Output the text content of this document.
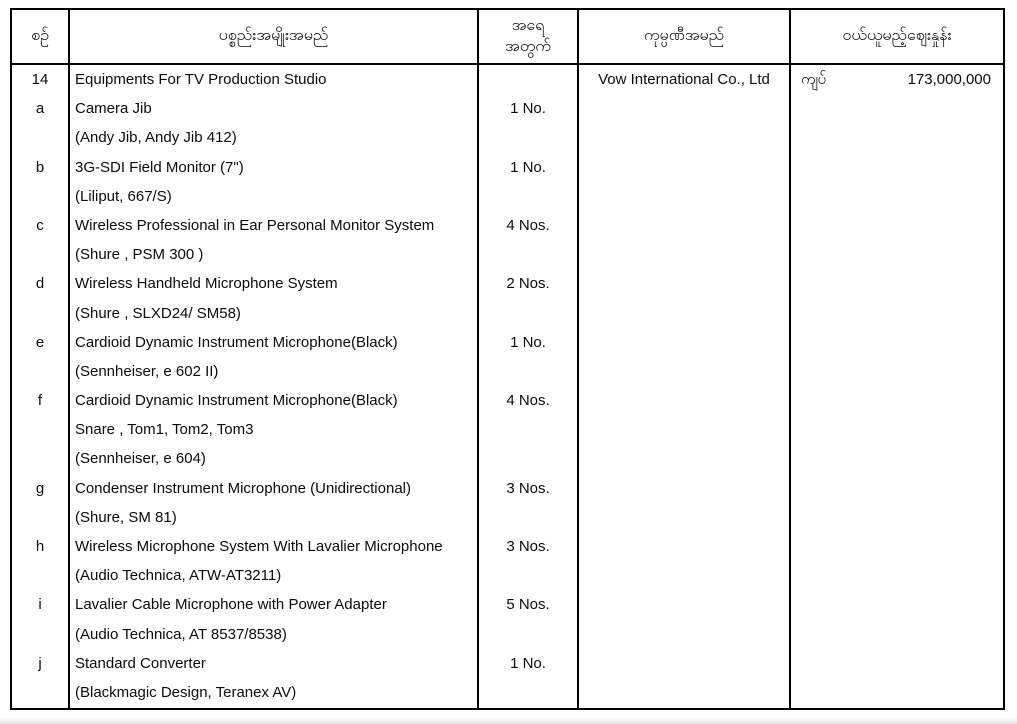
စဉ်
14
a
b
c
d
e
f
g
h
i
j
ပစ္စည်းအမျိုးအမည်
Equipments For TV Production Studio
Camera Jib
(Andy Jib, Andy Jib 412)
3G-SDI Field Monitor (7")
(Liliput, 667/S)
Wireless Professional in Ear Personal Monitor System
(Shure , PSM 300 )
Wireless Handheld Microphone System
(Shure , SLXD24/ SM58)
Cardioid Dynamic Instrument Microphone(Black)
(Sennheiser, e 602 II)
Cardioid Dynamic Instrument Microphone(Black)
Snare , Tom1, Tom2, Tom3
(Sennheiser, e 604)
Condenser Instrument Microphone (Unidirectional)
(Shure, SM 81)
Wireless Microphone System With Lavalier Microphone
(Audio Technica, ATW-AT3211)
Lavalier Cable Microphone with Power Adapter
(Audio Technica, AT 8537/8538)
Standard Converter
(Blackmagic Design, Teranex AV)
အရေ
အတွက်
1 No.
1 No.
4 Nos.
2 Nos.
1 No.
4 Nos.
3 Nos.
3 Nos.
5 Nos.
1 No.
ကုမ္ပဏီအမည်
Vow International Co., Ltd
ဝယ်ယူမည့်ဈေးနှုန်း
ကျပ်	173,000,000
